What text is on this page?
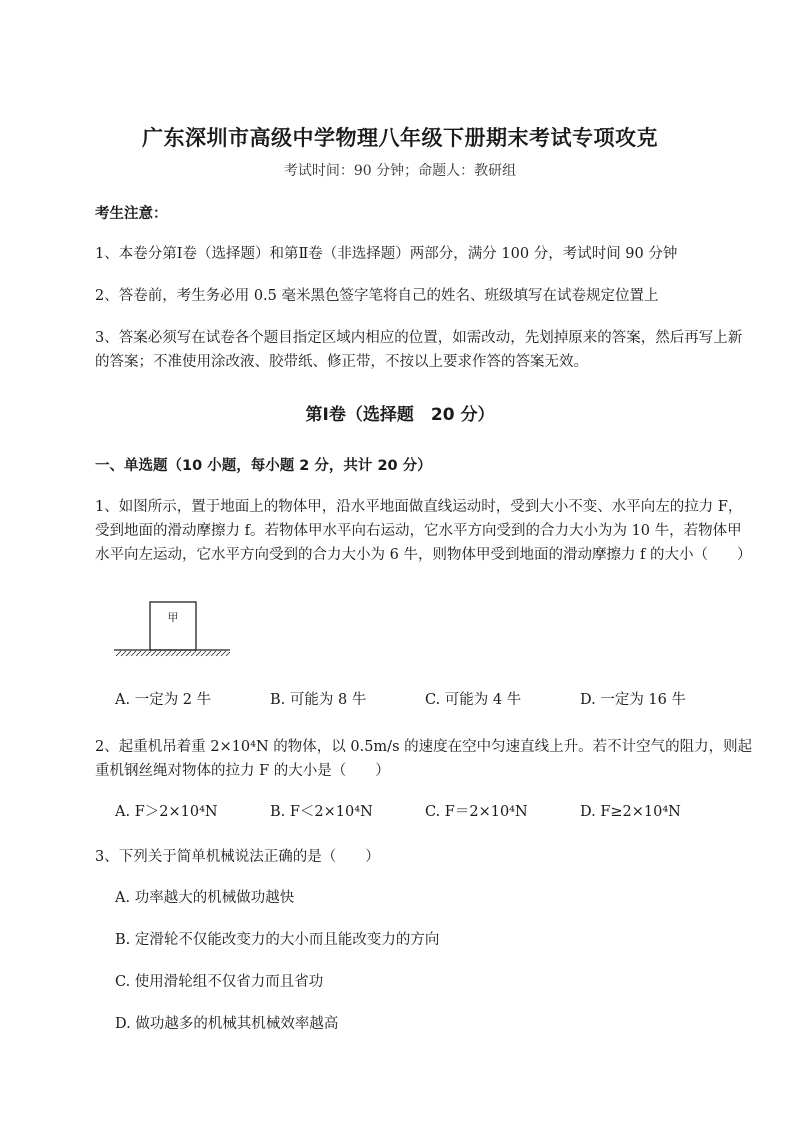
广东深圳市高级中学物理八年级下册期末考试专项攻克
考试时间：90 分钟；命题人：教研组
考生注意：
1、本卷分第Ⅰ卷（选择题）和第Ⅱ卷（非选择题）两部分，满分 100 分，考试时间 90 分钟
2、答卷前，考生务必用 0.5 毫米黑色签字笔将自己的姓名、班级填写在试卷规定位置上
3、答案必须写在试卷各个题目指定区域内相应的位置，如需改动，先划掉原来的答案，然后再写上新的答案；不准使用涂改液、胶带纸、修正带，不按以上要求作答的答案无效。
第Ⅰ卷（选择题　20 分）
一、单选题（10 小题，每小题 2 分，共计 20 分）
1、如图所示，置于地面上的物体甲，沿水平地面做直线运动时，受到大小不变、水平向左的拉力 F，受到地面的滑动摩擦力 f。若物体甲水平向右运动，它水平方向受到的合力大小为为 10 牛，若物体甲水平向左运动，它水平方向受到的合力大小为 6 牛，则物体甲受到地面的滑动摩擦力 f 的大小（　　）
甲
A. 一定为 2 牛	B. 可能为 8 牛	C. 可能为 4 牛	D. 一定为 16 牛
2、起重机吊着重 2×10⁴N 的物体，以 0.5m/s 的速度在空中匀速直线上升。若不计空气的阻力，则起重机钢丝绳对物体的拉力 F 的大小是（　　）
A. F＞2×10⁴N	B. F＜2×10⁴N	C. F＝2×10⁴N	D. F≥2×10⁴N
3、下列关于简单机械说法正确的是（　　）
A. 功率越大的机械做功越快
B. 定滑轮不仅能改变力的大小而且能改变力的方向
C. 使用滑轮组不仅省力而且省功
D. 做功越多的机械其机械效率越高
